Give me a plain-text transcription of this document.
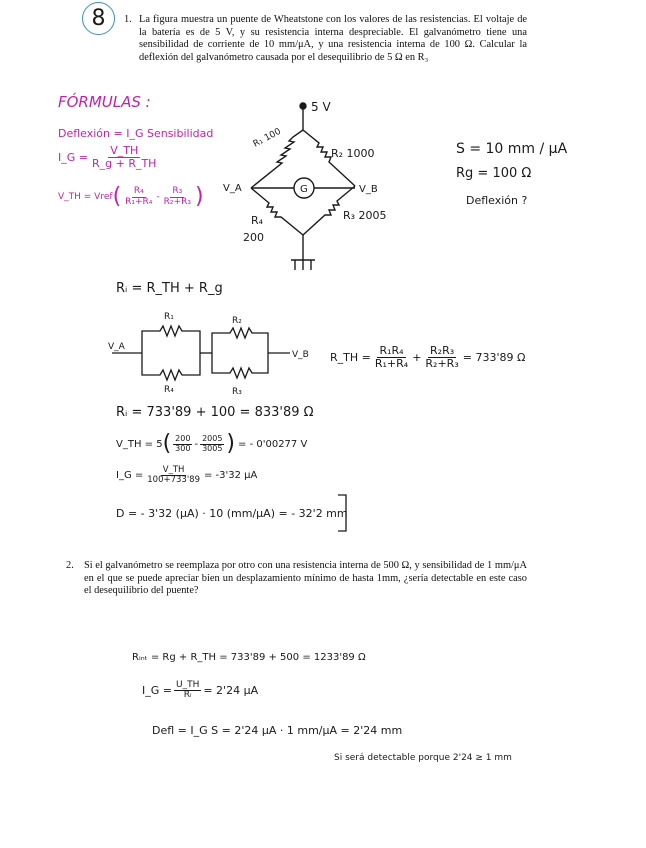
8 1. La figura muestra un puente de Wheatstone con los valores de las resistencias. El voltaje de la batería es de 5 V, y su resistencia interna despreciable. El galvanómetro tiene una sensibilidad de corriente de 10 mm/μA, y una resistencia interna de 100 Ω. Calcular la deflexión del galvanómetro causada por el desequilibrio de 5 Ω en R₃
FÓRMULAS :
Deflexión = I_G Sensibilidad
I_G = $\frac{V\_TH}{R\_g + R\_TH}$
V_TH = Vref ( $\frac{\text{R₄}}{\text{R₁+R₄}} - \frac{\text{R₃}}{\text{R₂+R₃}}$ )	G
5 V
R₁ 100
R₂ 1000
V_A	V_B
R₄
200
R₃ 2005
S = 10 mm / μA
Rg = 100 Ω
Deflexión ?
Rᵢ = R_TH + R_g
R₁	R₂
R₄	R₃
V_A
V_B R_TH = $\frac{\text{R₁R₄}}{\text{R₁+R₄}} + \frac{\text{R₂R₃}}{\text{R₂+R₃}} = 733'89$ Ω
Rᵢ = 733'89 + 100 = 833'89 Ω
V_TH = 5 ( $\frac{200}{300} - \frac{2005}{3005}$ ) = - 0'00277 V
I_G = $\frac{V\_TH}{100+733'89} = -3'32$ μA
D = - 3'32 (μA) · 10 (mm/μA) = - 32'2 mm
2. Si el galvanómetro se reemplaza por otro con una resistencia interna de 500 Ω, y sensibilidad de 1 mm/μA en el que se puede apreciar bien un desplazamiento mínimo de hasta 1mm, ¿sería detectable en este caso el desequilibrio del puente?
Rᵢₙₜ = Rg + R_TH = 733'89 + 500 = 1233'89 Ω
I_G = $\frac{U\_TH}{\text{Rᵢ}} = 2'24$ μA
Defl = I_G S = 2'24 μA · 1 mm/μA = 2'24 mm
Si será detectable porque 2'24 ≥ 1 mm
